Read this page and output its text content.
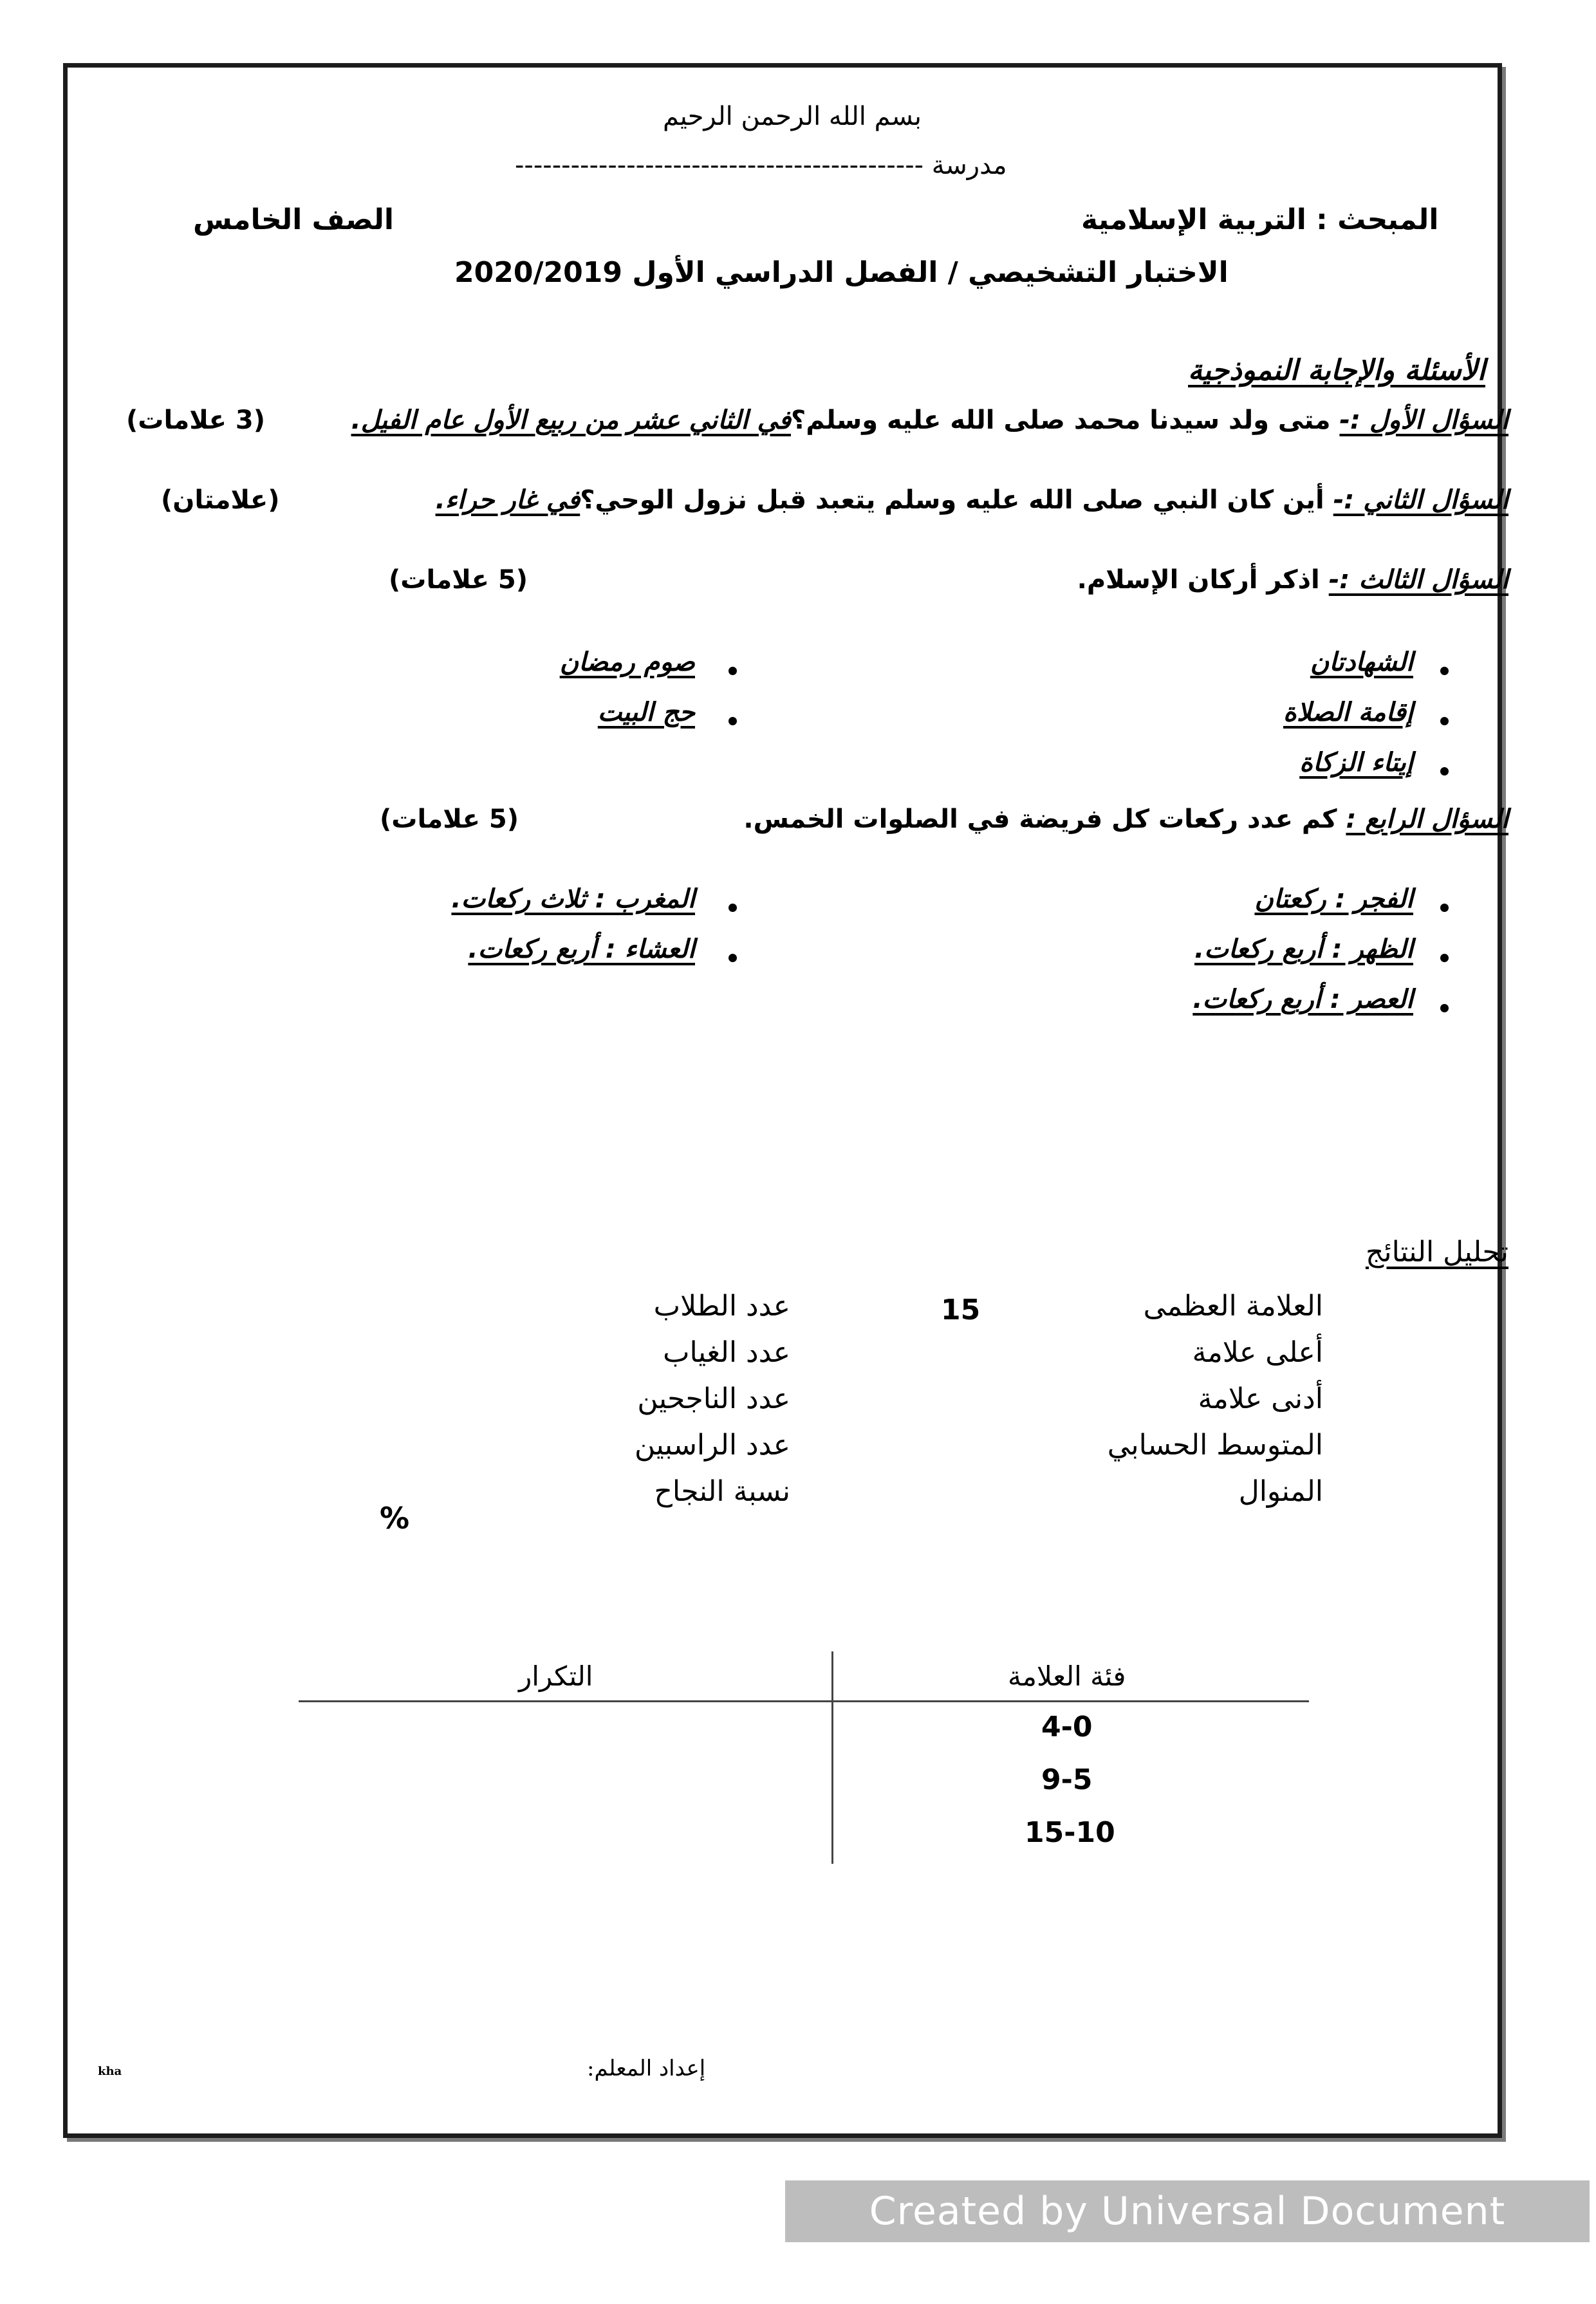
بسم الله الرحمن الرحيم
مدرسة --------------------------------------------
المبحث : التربية الإسلامية
الصف الخامس
الاختبار التشخيصي / الفصل الدراسي الأول 2020/2019
الأسئلة والإجابة النموذجية
السؤال الأول :- متى ولد سيدنا محمد صلى الله عليه وسلم؟في الثاني عشر من ربيع الأول عام الفيل.
(3 علامات)
السؤال الثاني :- أين كان النبي صلى الله عليه وسلم يتعبد قبل نزول الوحي؟في غار حراء.
(علامتان)
السؤال الثالث :- اذكر أركان الإسلام.
(5 علامات)
الشهادتان
إقامة الصلاة
إيتاء الزكاة
صوم رمضان
حج البيت
السؤال الرابع : كم عدد ركعات كل فريضة في الصلوات الخمس.
(5 علامات)
الفجر : ركعتان
الظهر : أربع ركعات.
العصر : أربع ركعات.
المغرب : ثلاث ركعات.
العشاء : أربع ركعات.
تحليل النتائج
العلامة العظمى
أعلى علامة
أدنى علامة
المتوسط الحسابي
المنوال
15
عدد الطلاب
عدد الغياب
عدد الناجحين
عدد الراسبين
نسبة النجاح
%
فئة العلامة
التكرار
4-0
9-5
15-10
إعداد المعلم:
kha
Created by Universal Document Converter
